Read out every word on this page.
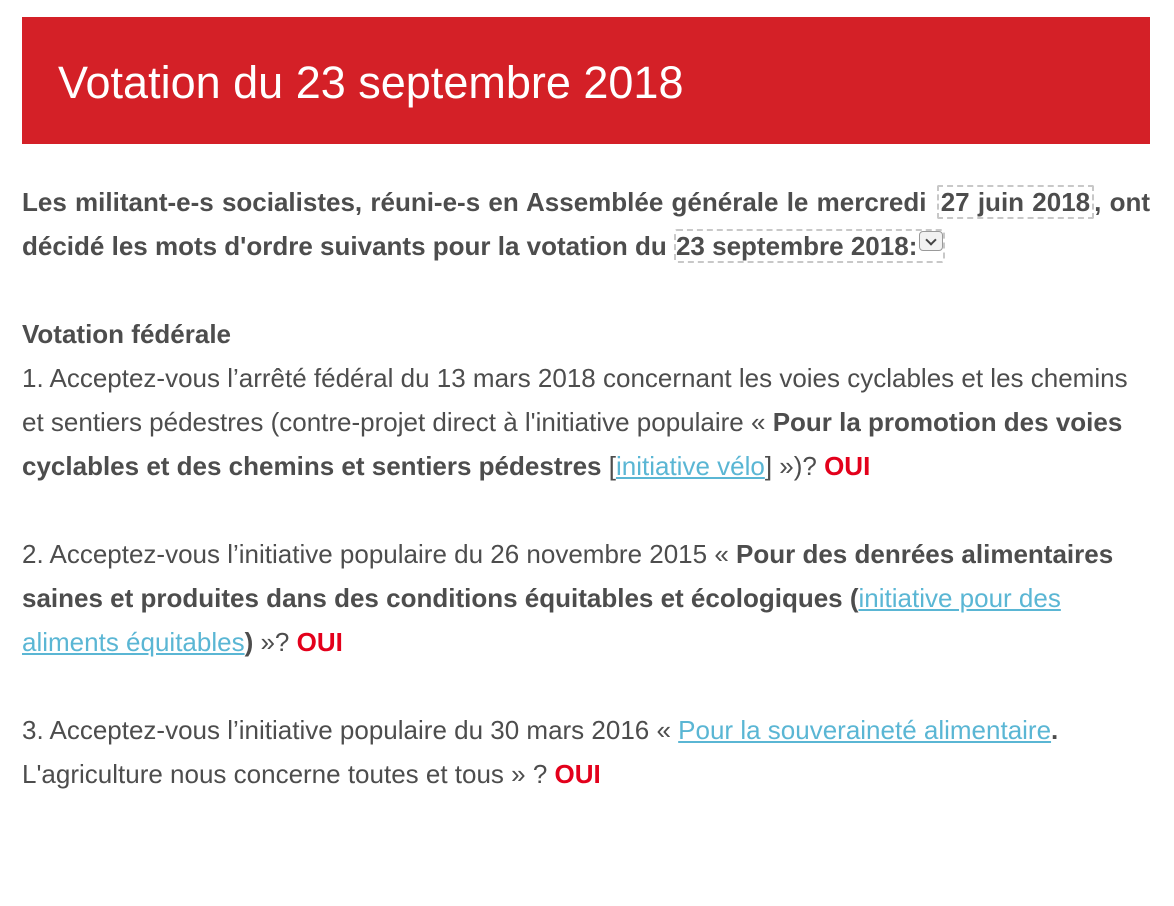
Votation du 23 septembre 2018

Les militant-e-s socialistes, réuni-e-s en Assemblée générale le mercredi 27 juin 2018 , ont décidé les mots d'ordre suivants pour la votation du 23 septembre 2018:

Votation fédérale

1. Acceptez-vous l’arrêté fédéral du 13 mars 2018 concernant les voies cyclables et les chemins et sentiers pédestres (contre-projet direct à l'initiative populaire « Pour la promotion des voies cyclables et des chemins et sentiers pédestres [initiative vélo] »)? OUI

2. Acceptez-vous l’initiative populaire du 26 novembre 2015 « Pour des denrées alimentaires saines et produites dans des conditions équitables et écologiques (initiative pour des aliments équitables) »? OUI

3. Acceptez-vous l’initiative populaire du 30 mars 2016 « Pour la souveraineté alimentaire. L'agriculture nous concerne toutes et tous » ? OUI
